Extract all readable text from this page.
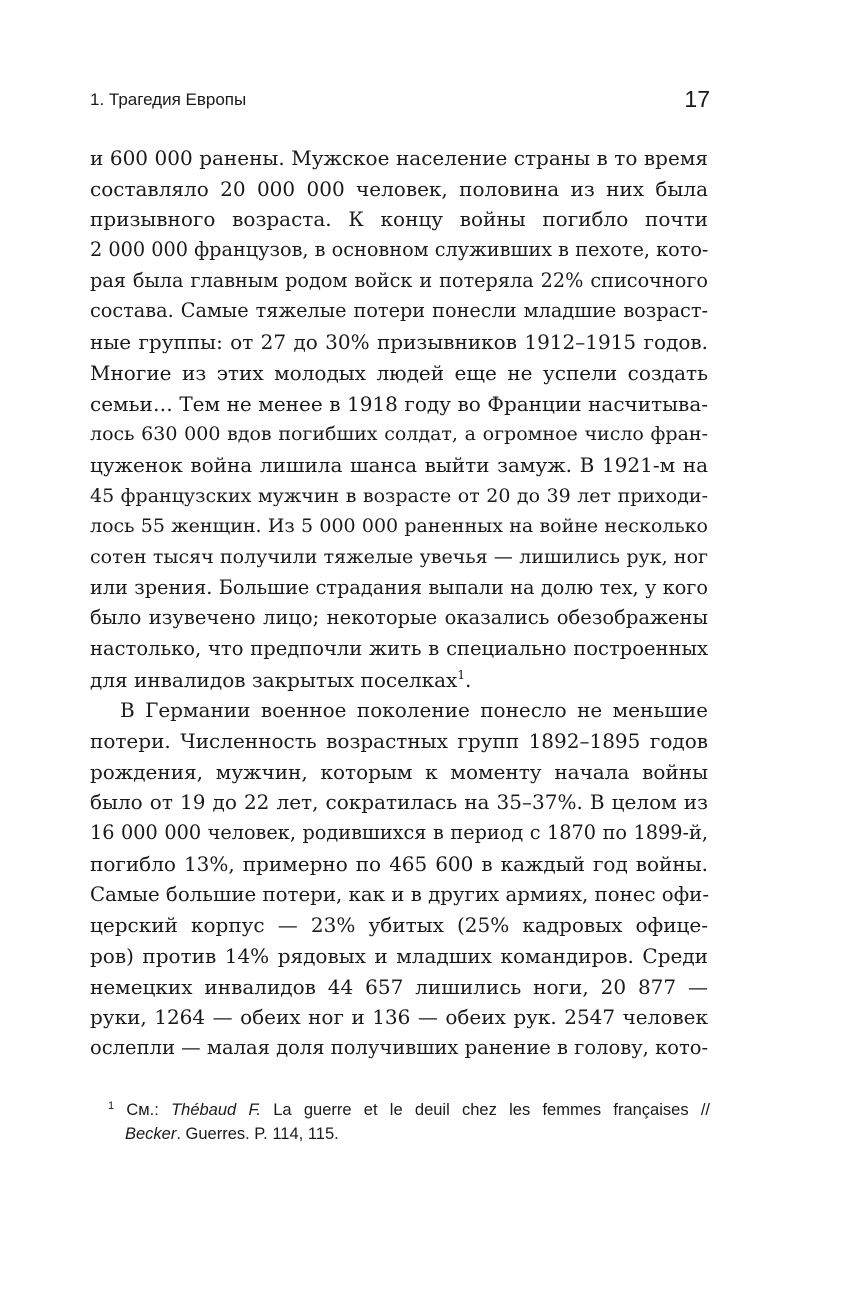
1. Трагедия Европы	17
и 600 000 ранены. Мужское население страны в то время
составляло 20 000 000 человек, половина из них была
призывного возраста. К концу войны погибло почти
2 000 000 французов, в основном служивших в пехоте, кото-
рая была главным родом войск и потеряла 22% списочного
состава. Самые тяжелые потери понесли младшие возраст-
ные группы: от 27 до 30% призывников 1912–1915 годов.
Многие из этих молодых людей еще не успели создать
семьи… Тем не менее в 1918 году во Франции насчитыва-
лось 630 000 вдов погибших солдат, а огромное число фран-
цуженок война лишила шанса выйти замуж. В 1921-м на
45 французских мужчин в возрасте от 20 до 39 лет приходи-
лось 55 женщин. Из 5 000 000 раненных на войне несколько
сотен тысяч получили тяжелые увечья — лишились рук, ног
или зрения. Большие страдания выпали на долю тех, у кого
было изувечено лицо; некоторые оказались обезображены
настолько, что предпочли жить в специально построенных
для инвалидов закрытых поселках$^1$.
В Германии военное поколение понесло не меньшие
потери. Численность возрастных групп 1892–1895 годов
рождения, мужчин, которым к моменту начала войны
было от 19 до 22 лет, сократилась на 35–37%. В целом из
16 000 000 человек, родившихся в период с 1870 по 1899-й,
погибло 13%, примерно по 465 600 в каждый год войны.
Самые большие потери, как и в других армиях, понес офи-
церский корпус — 23% убитых (25% кадровых офице-
ров) против 14% рядовых и младших командиров. Среди
немецких инвалидов 44 657 лишились ноги, 20 877 —
руки, 1264 — обеих ног и 136 — обеих рук. 2547 человек
ослепли — малая доля получивших ранение в голову, кото-
$^1$ См.: Thébaud F. La guerre et le deuil chez les femmes françaises //
Becker. Guerres. P. 114, 115.
